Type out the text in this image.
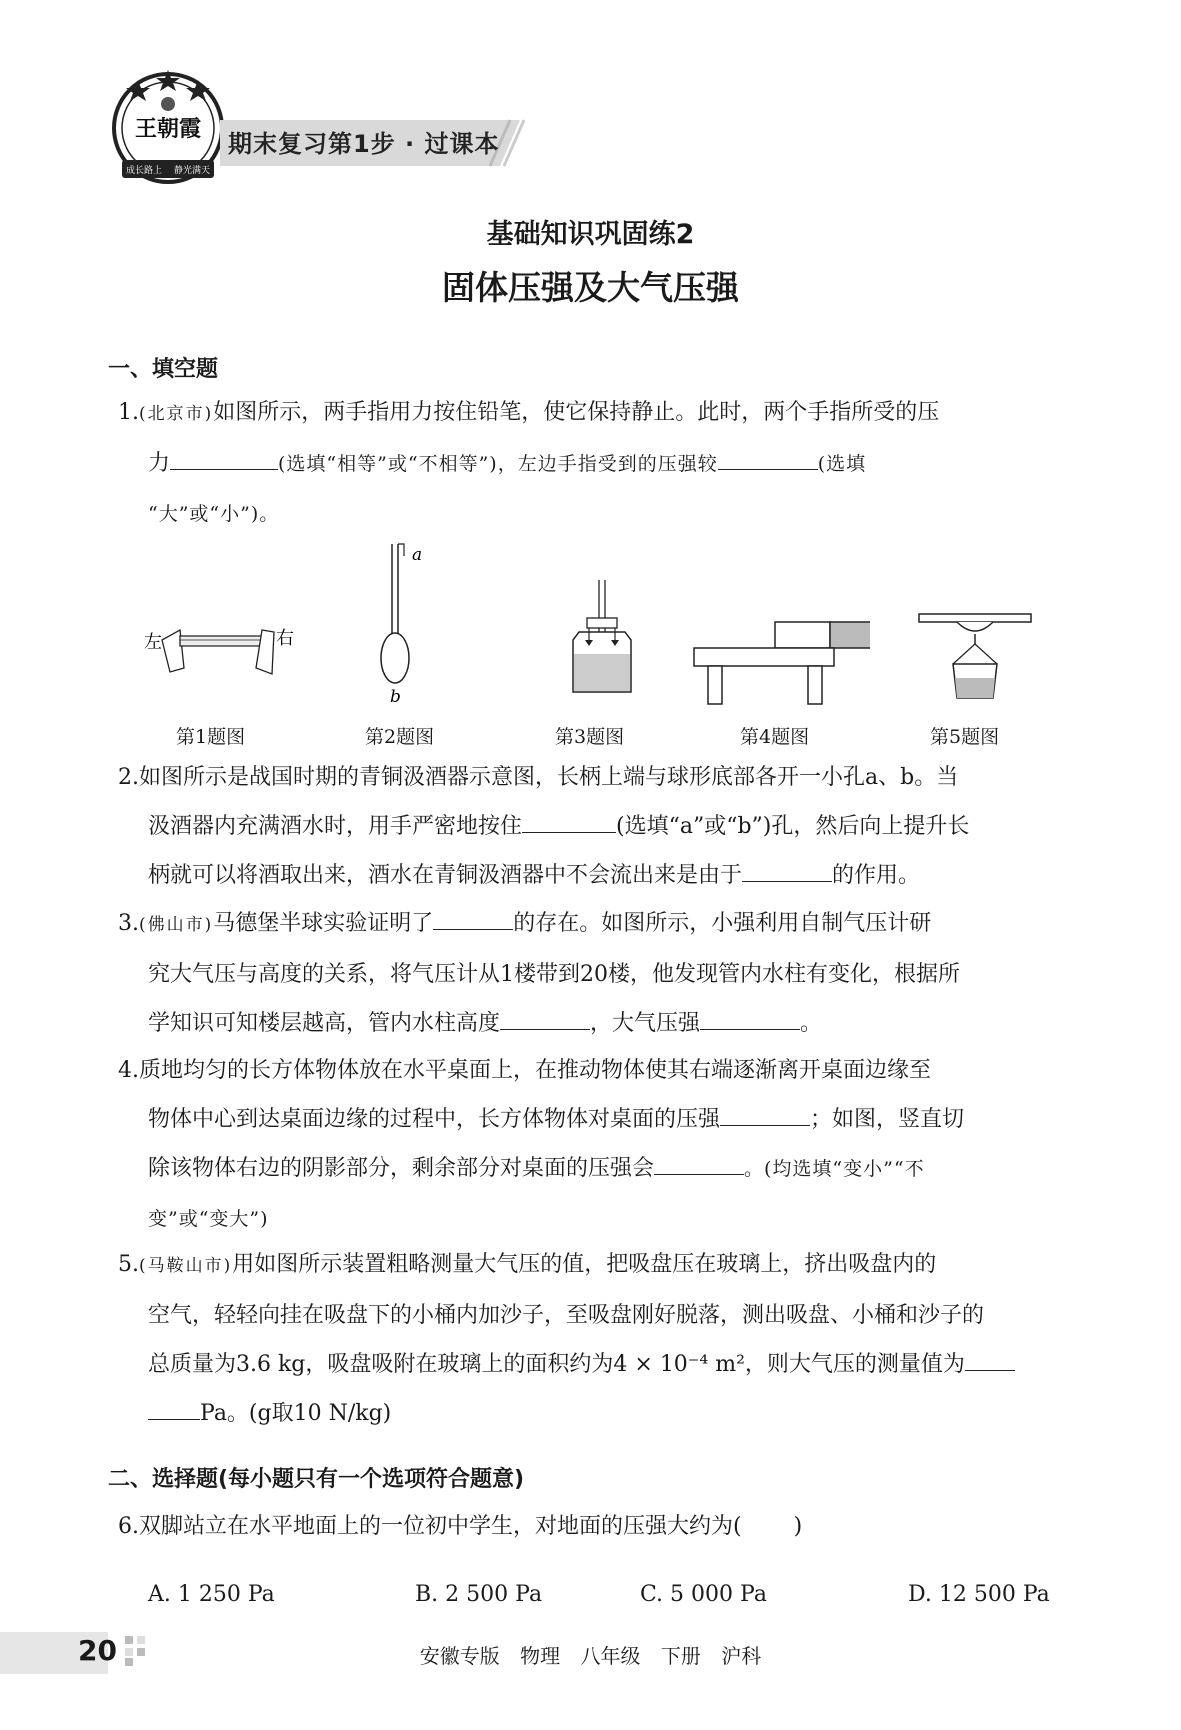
王朝霞
成长路上 静光满天
期末复习第1步 · 过课本
基础知识巩固练2
固体压强及大气压强
一、填空题
1.(北京市)如图所示，两手指用力按住铅笔，使它保持静止。此时，两个手指所受的压
力	(选填“相等”或“不相等”)，左边手指受到的压强较	(选填
“大”或“小”)。
左	右
a
b
第1题图	第2题图	第3题图	第4题图	第5题图
2.如图所示是战国时期的青铜汲酒器示意图，长柄上端与球形底部各开一小孔a、b。当
汲酒器内充满酒水时，用手严密地按住	(选填“a”或“b”)孔，然后向上提升长
柄就可以将酒取出来，酒水在青铜汲酒器中不会流出来是由于	的作用。
3.(佛山市)马德堡半球实验证明了	的存在。如图所示，小强利用自制气压计研
究大气压与高度的关系，将气压计从1楼带到20楼，他发现管内水柱有变化，根据所
学知识可知楼层越高，管内水柱高度	，大气压强	。
4.质地均匀的长方体物体放在水平桌面上，在推动物体使其右端逐渐离开桌面边缘至
物体中心到达桌面边缘的过程中，长方体物体对桌面的压强	；如图，竖直切
除该物体右边的阴影部分，剩余部分对桌面的压强会	。(均选填“变小”“不
变”或“变大”)
5.(马鞍山市)用如图所示装置粗略测量大气压的值，把吸盘压在玻璃上，挤出吸盘内的
空气，轻轻向挂在吸盘下的小桶内加沙子，至吸盘刚好脱落，测出吸盘、小桶和沙子的
总质量为3.6 kg，吸盘吸附在玻璃上的面积约为4 × 10⁻⁴ m²，则大气压的测量值为
Pa。(g取10 N/kg)
二、选择题(每小题只有一个选项符合题意)
6.双脚站立在水平地面上的一位初中学生，对地面的压强大约为( )
A. 1 250 Pa	B. 2 500 Pa	C. 5 000 Pa	D. 12 500 Pa
20	安徽专版 物理 八年级 下册 沪科
